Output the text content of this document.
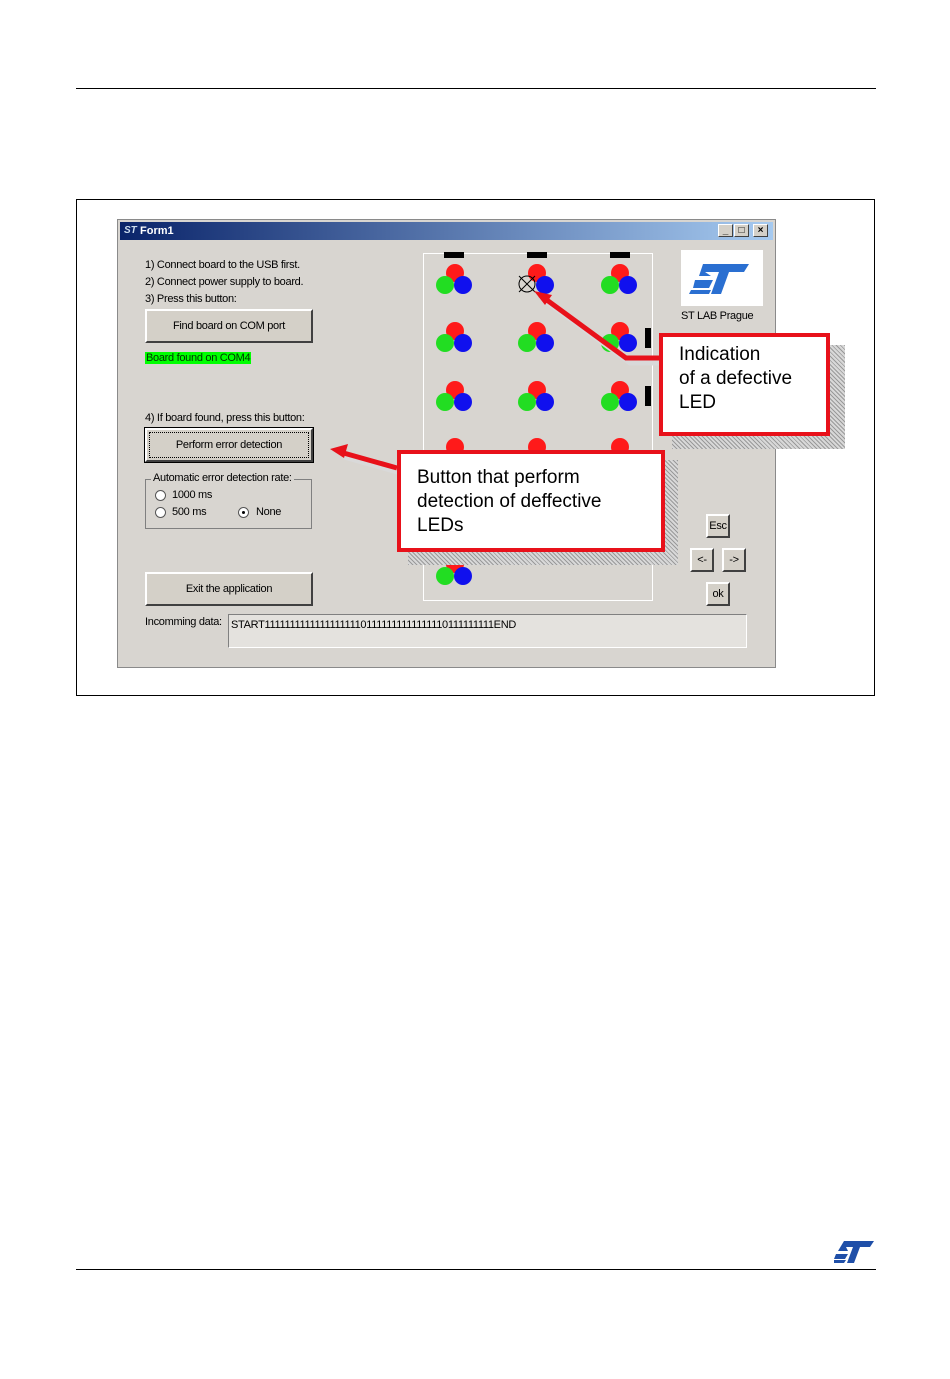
ST Form1	_	□	×
1) Connect board to the USB first.
2) Connect power supply to board.
3) Press this button:
Find board on COM port
Board found on COM4
4) If board found, press this button:
Perform error detection
Automatic error detection rate:
1000 ms
500 ms	None
Exit the application
Incomming data: START111111111111111111101111111111111110111111111END
ST LAB Prague
Esc
<-	->
ok
Indication
of a defective
LED
Button that perform
detection of deffective
LEDs
